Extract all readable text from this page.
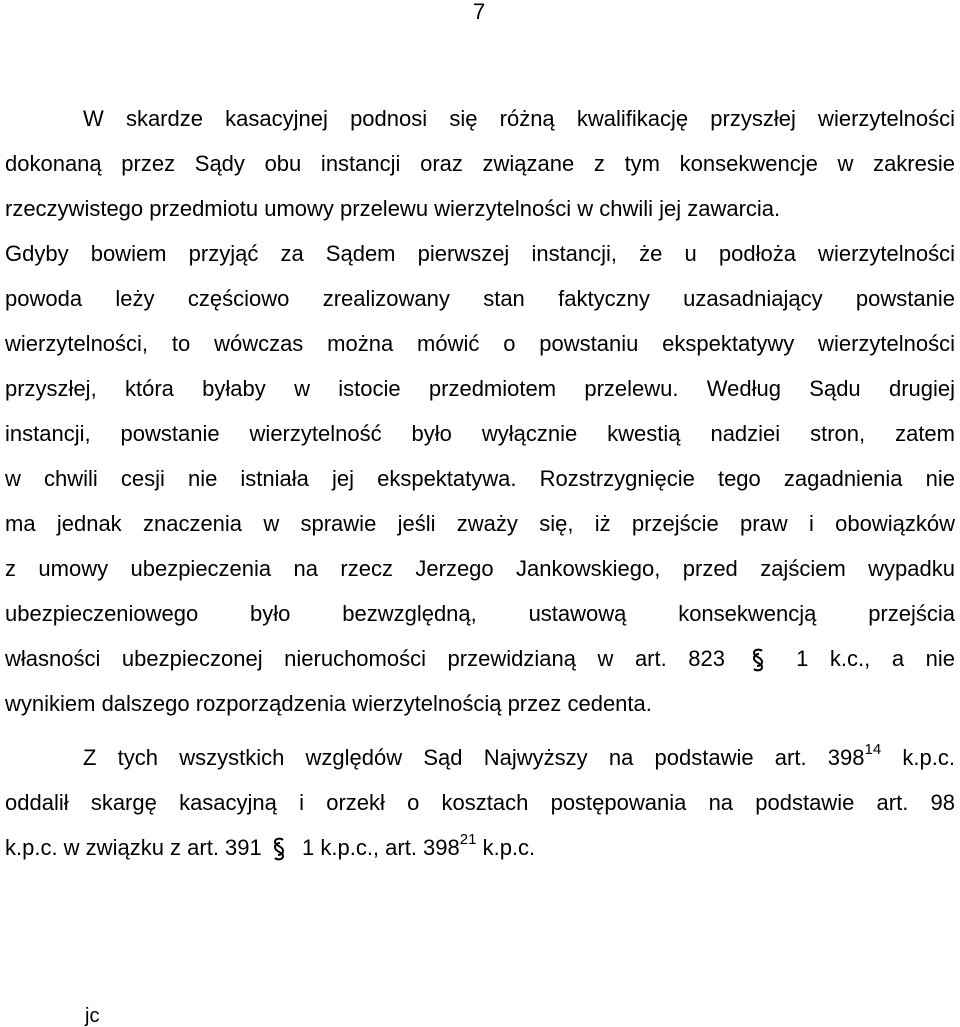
7
W skardze kasacyjnej podnosi się różną kwalifikację przyszłej wierzytelności
dokonaną przez Sądy obu instancji oraz związane z tym konsekwencje w zakresie
rzeczywistego przedmiotu umowy przelewu wierzytelności w chwili jej zawarcia.
Gdyby bowiem przyjąć za Sądem pierwszej instancji, że u podłoża wierzytelności
powoda leży częściowo zrealizowany stan faktyczny uzasadniający powstanie
wierzytelności, to wówczas można mówić o powstaniu ekspektatywy wierzytelności
przyszłej, która byłaby w istocie przedmiotem przelewu. Według Sądu drugiej
instancji, powstanie wierzytelność było wyłącznie kwestią nadziei stron, zatem
w chwili cesji nie istniała jej ekspektatywa. Rozstrzygnięcie tego zagadnienia nie
ma jednak znaczenia w sprawie jeśli zważy się, iż przejście praw i obowiązków
z umowy ubezpieczenia na rzecz Jerzego Jankowskiego, przed zajściem wypadku
ubezpieczeniowego było bezwzględną, ustawową konsekwencją przejścia
własności ubezpieczonej nieruchomości przewidzianą w art. 823	1 k.c., a nie
wynikiem dalszego rozporządzenia wierzytelnością przez cedenta.
Z tych wszystkich względów Sąd Najwyższy na podstawie art. $398^{14}$ k.p.c.
oddalił skargę kasacyjną i orzekł o kosztach postępowania na podstawie art. 98
k.p.c. w związku z art. 391 1 k.p.c., art. $398^{21}$ k.p.c.
jc
